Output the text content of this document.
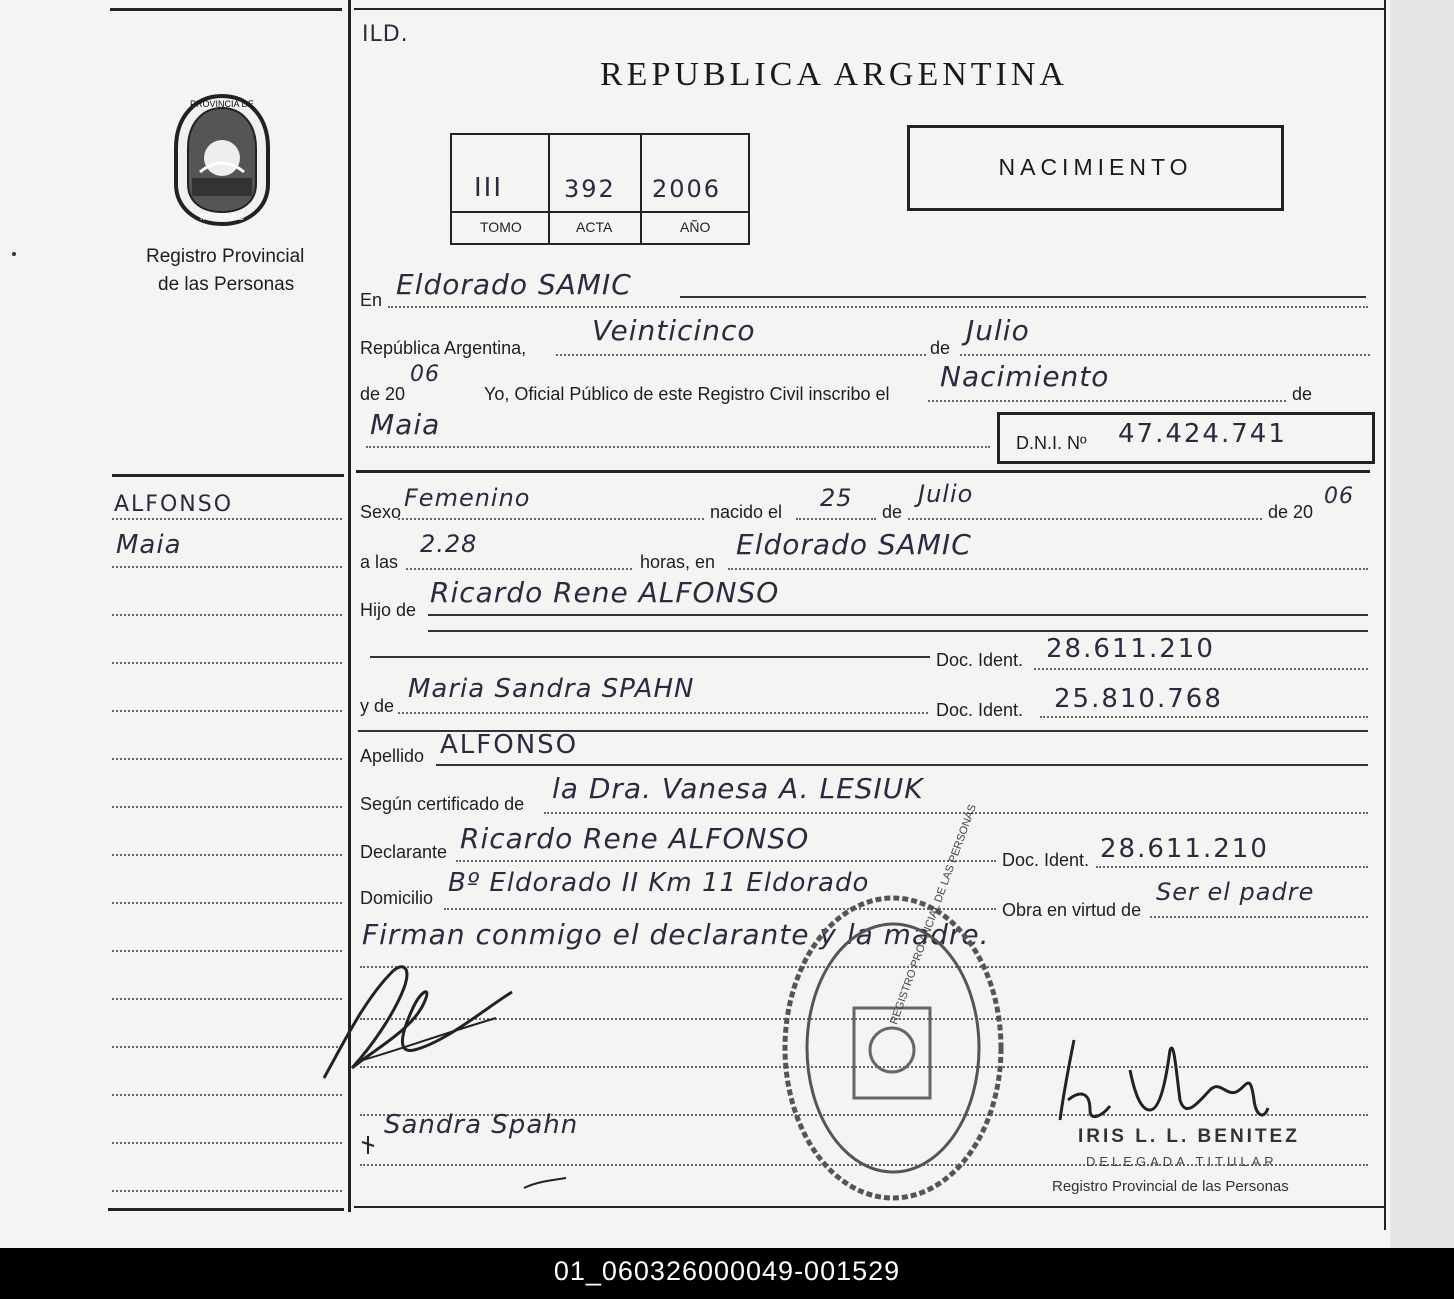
PROVINCIA DE
MISIONES
Registro Provincial
de las Personas
ILD.
REPUBLICA ARGENTINA
III	392 2006
TOMO	ACTA	AÑO
NACIMIENTO
En Eldorado SAMIC
República Argentina,
Veinticinco
de
Julio
de 20
06
Yo, Oficial Público de este Registro Civil inscribo el
Nacimiento
de
Maia
D.N.I. Nº 47.424.741
Sexo Femenino	nacido el 25 de
Julio
de 20
06
a las
2.28
horas, en
Eldorado SAMIC
Hijo de
Ricardo Rene ALFONSO
Doc. Ident. 28.611.210
y de
Maria Sandra SPAHN
Doc. Ident. 25.810.768
Apellido ALFONSO
Según certificado de la Dra. Vanesa A. LESIUK
Declarante Ricardo Rene ALFONSO
Doc. Ident. 28.611.210
Domicilio Bº Eldorado II Km 11 Eldorado
Obra en virtud de
Ser el padre
Firman conmigo el declarante y la madre.
ALFONSO
Maia
Sandra Spahn
REGISTRO PROVINCIAL DE LAS PERSONAS
IRIS L. L. BENITEZ
DELEGADA TITULAR
Registro Provincial de las Personas
01_060326000049-001529
